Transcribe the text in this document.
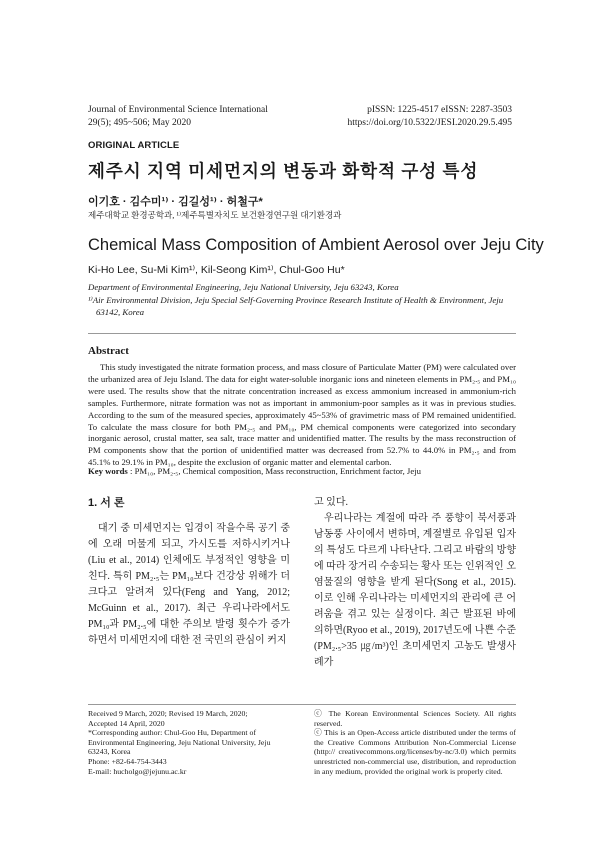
Journal of Environmental Science International
29(5); 495~506; May 2020
pISSN: 1225-4517 eISSN: 2287-3503
https://doi.org/10.5322/JESI.2020.29.5.495
ORIGINAL ARTICLE
제주시 지역 미세먼지의 변동과 화학적 구성 특성
이기호 · 김수미¹⁾ · 김길성¹⁾ · 허철구*
제주대학교 환경공학과, ¹⁾제주특별자치도 보건환경연구원 대기환경과
Chemical Mass Composition of Ambient Aerosol over Jeju City
Ki-Ho Lee, Su-Mi Kim¹⁾, Kil-Seong Kim¹⁾, Chul-Goo Hu*
Department of Environmental Engineering, Jeju National University, Jeju 63243, Korea
¹⁾Air Environmental Division, Jeju Special Self-Governing Province Research Institute of Health & Environment, Jeju
63142, Korea
Abstract
This study investigated the nitrate formation process, and mass closure of Particulate Matter (PM) were calculated over the urbanized area of Jeju Island. The data for eight water-soluble inorganic ions and nineteen elements in PM₂.₅ and PM₁₀ were used. The results show that the nitrate concentration increased as excess ammonium increased in ammonium-rich samples. Furthermore, nitrate formation was not as important in ammonium-poor samples as it was in previous studies. According to the sum of the measured species, approximately 45~53% of gravimetric mass of PM remained unidentified. To calculate the mass closure for both PM₂.₅ and PM₁₀, PM chemical components were categorized into secondary inorganic aerosol, crustal matter, sea salt, trace matter and unidentified matter. The results by the mass reconstruction of PM components show that the portion of unidentified matter was decreased from 52.7% to 44.0% in PM₂.₅ and from 45.1% to 29.1% in PM₁₀, despite the exclusion of organic matter and elemental carbon.
Key words : PM₁₀, PM₂.₅, Chemical composition, Mass reconstruction, Enrichment factor, Jeju
1. 서 론
대기 중 미세먼지는 입경이 작을수록 공기 중에 오래 머물게 되고, 가시도를 저하시키거나(Liu et al., 2014) 인체에도 부정적인 영향을 미친다. 특히 PM₂.₅는 PM₁₀보다 건강상 위해가 더 크다고 알려져 있다(Feng and Yang, 2012; McGuinn et al., 2017). 최근 우리나라에서도 PM₁₀과 PM₂.₅에 대한 주의보 발령 횟수가 증가하면서 미세먼지에 대한 전 국민의 관심이 커지
고 있다.
우리나라는 계절에 따라 주 풍향이 북서풍과 남동풍 사이에서 변하며, 계절별로 유입된 입자의 특성도 다르게 나타난다. 그리고 바람의 방향에 따라 장거리 수송되는 황사 또는 인위적인 오염물질의 영향을 받게 된다(Song et al., 2015). 이로 인해 우리나라는 미세먼지의 관리에 큰 어려움을 겪고 있는 실정이다. 최근 발표된 바에 의하면(Ryoo et al., 2019), 2017년도에 나쁜 수준(PM₂.₅>35 ㎍/m³)인 초미세먼지 고농도 발생사례가
Received 9 March, 2020; Revised 19 March, 2020;
Accepted 14 April, 2020
*Corresponding author: Chul-Goo Hu, Department of Environmental Engineering, Jeju National University, Jeju 63243, Korea
Phone: +82-64-754-3443
E-mail: hucholgo@jejunu.ac.kr
ⓒ The Korean Environmental Sciences Society. All rights reserved.
ⓒ This is an Open-Access article distributed under the terms of the Creative Commons Attribution Non-Commercial License (http:// creativecommons.org/licenses/by-nc/3.0) which permits unrestricted non-commercial use, distribution, and reproduction in any medium, provided the original work is properly cited.
